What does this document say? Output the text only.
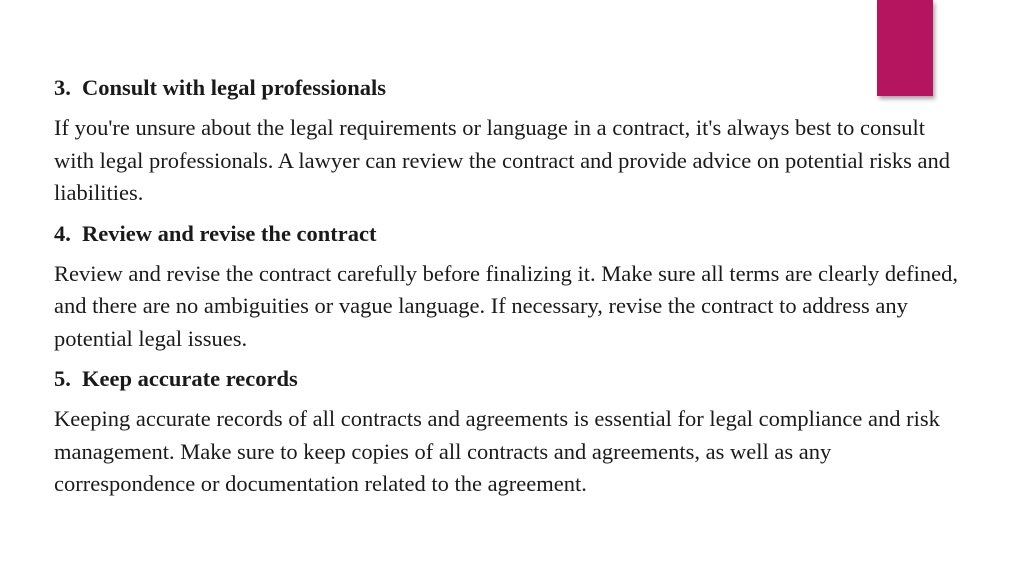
3. Consult with legal professionals

If you're unsure about the legal requirements or language in a contract, it's always best to consult with legal professionals. A lawyer can review the contract and provide advice on potential risks and liabilities.

4. Review and revise the contract

Review and revise the contract carefully before finalizing it. Make sure all terms are clearly defined, and there are no ambiguities or vague language. If necessary, revise the contract to address any potential legal issues.

5. Keep accurate records

Keeping accurate records of all contracts and agreements is essential for legal compliance and risk management. Make sure to keep copies of all contracts and agreements, as well as any correspondence or documentation related to the agreement.
